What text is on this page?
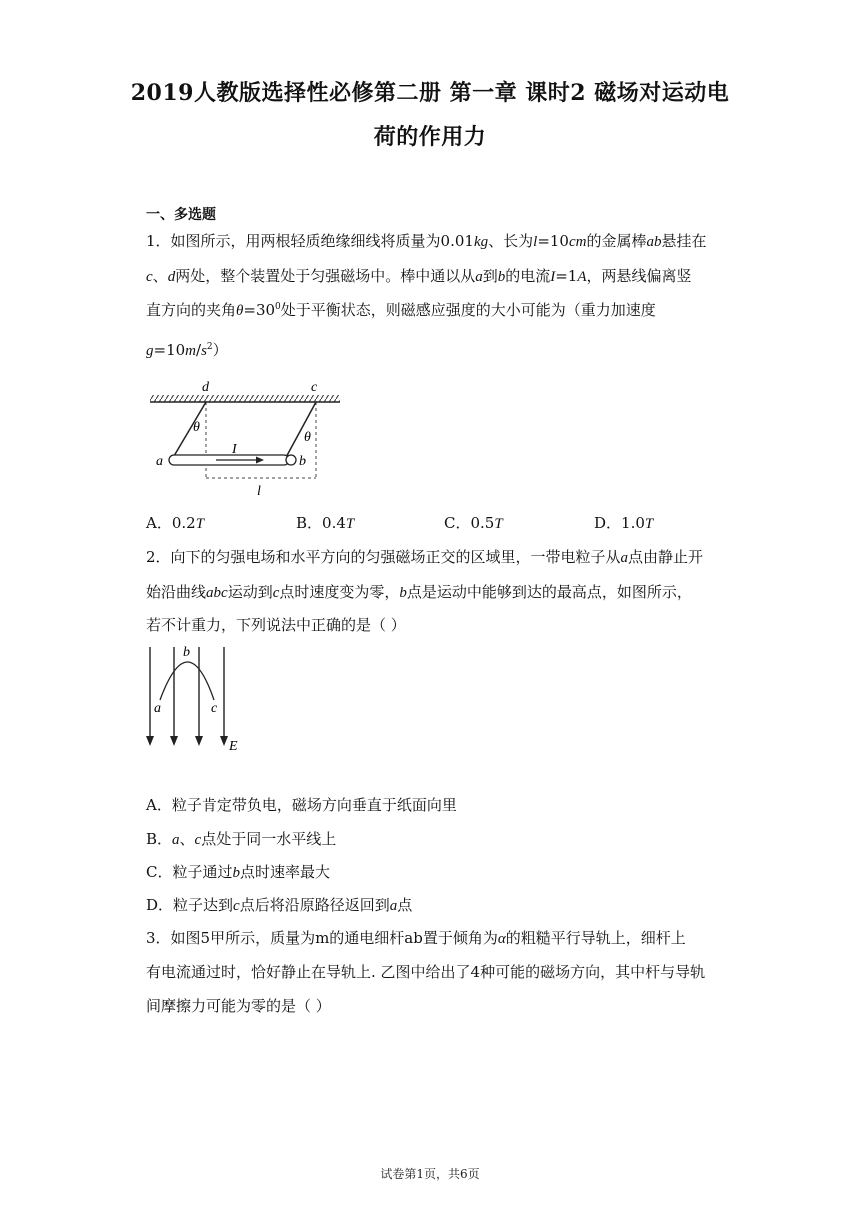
2019人教版选择性必修第二册 第一章 课时2 磁场对运动电
荷的作用力
一、多选题
1．如图所示，用两根轻质绝缘细线将质量为0.01kg、长为l=10cm的金属棒ab悬挂在
c、d两处，整个装置处于匀强磁场中。棒中通以从a到b的电流I=1A，两悬线偏离竖
直方向的夹角$\theta=30^0$处于平衡状态，则磁感应强度的大小可能为（重力加速度
$g=10m/s^2$）
d	c
I
a	b
θ
θ
l
A．0.2T	B．0.4T	C．0.5T	D．1.0T
2．向下的匀强电场和水平方向的匀强磁场正交的区域里，一带电粒子从a点由静止开
始沿曲线abc运动到c点时速度变为零，b点是运动中能够到达的最高点，如图所示，
若不计重力，下列说法中正确的是（ ）
a
b
c
E
A．粒子肯定带负电，磁场方向垂直于纸面向里
B．a、c点处于同一水平线上
C．粒子通过b点时速率最大
D．粒子达到c点后将沿原路径返回到a点
3．如图5甲所示，质量为m的通电细杆ab置于倾角为α的粗糙平行导轨上，细杆上
有电流通过时，恰好静止在导轨上. 乙图中给出了4种可能的磁场方向，其中杆与导轨
间摩擦力可能为零的是（ ）
试卷第1页，共6页
